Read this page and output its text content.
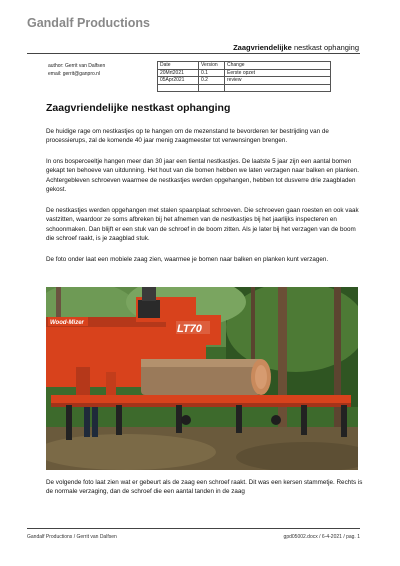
Gandalf Productions
Zaagvriendelijke nestkast ophanging
author: Gerrit van Dalfsen
email: gerrit@ganpro.nl
Date	Version	Change
20Mrt2021	0.1	Eerste opzet
05Apr2021	0.2	review

Zaagvriendelijke nestkast ophanging

De huidige rage om nestkastjes op te hangen om de mezenstand te bevorderen ter bestrijding van de processierups, zal de komende 40 jaar menig zaagmeester tot verwensingen brengen.

In ons bosperceeltje hangen meer dan 30 jaar een tiental nestkastjes. De laatste 5 jaar zijn een aantal bomen gekapt ten behoeve van uitdunning. Het hout van die bomen hebben we laten verzagen naar balken en planken. Achtergebleven schroeven waarmee de nestkastjes werden opgehangen, hebben tot dusverre drie zaagbladen gekost.

De nestkastjes werden opgehangen met stalen spaanplaat schroeven. Die schroeven gaan roesten en ook vaak vastzitten, waardoor ze soms afbreken bij het afnemen van de nestkastjes bij het jaarlijks inspecteren en schoonmaken. Dan blijft er een stuk van de schroef in de boom zitten. Als je later bij het verzagen van de boom die schroef raakt, is je zaagblad stuk.

De foto onder laat een mobiele zaag zien, waarmee je bomen naar balken en planken kunt verzagen.

LT70
Wood-Mizer

De volgende foto laat zien wat er gebeurt als de zaag een schroef raakt. Dit was een kersen stammetje. Rechts is de normale verzaging, dan de schroef die een aantal tanden in de zaag

Gandalf Productions / Gerrit van Dalfsen	gpd05002.docx / 6-4-2021 / pag. 1
